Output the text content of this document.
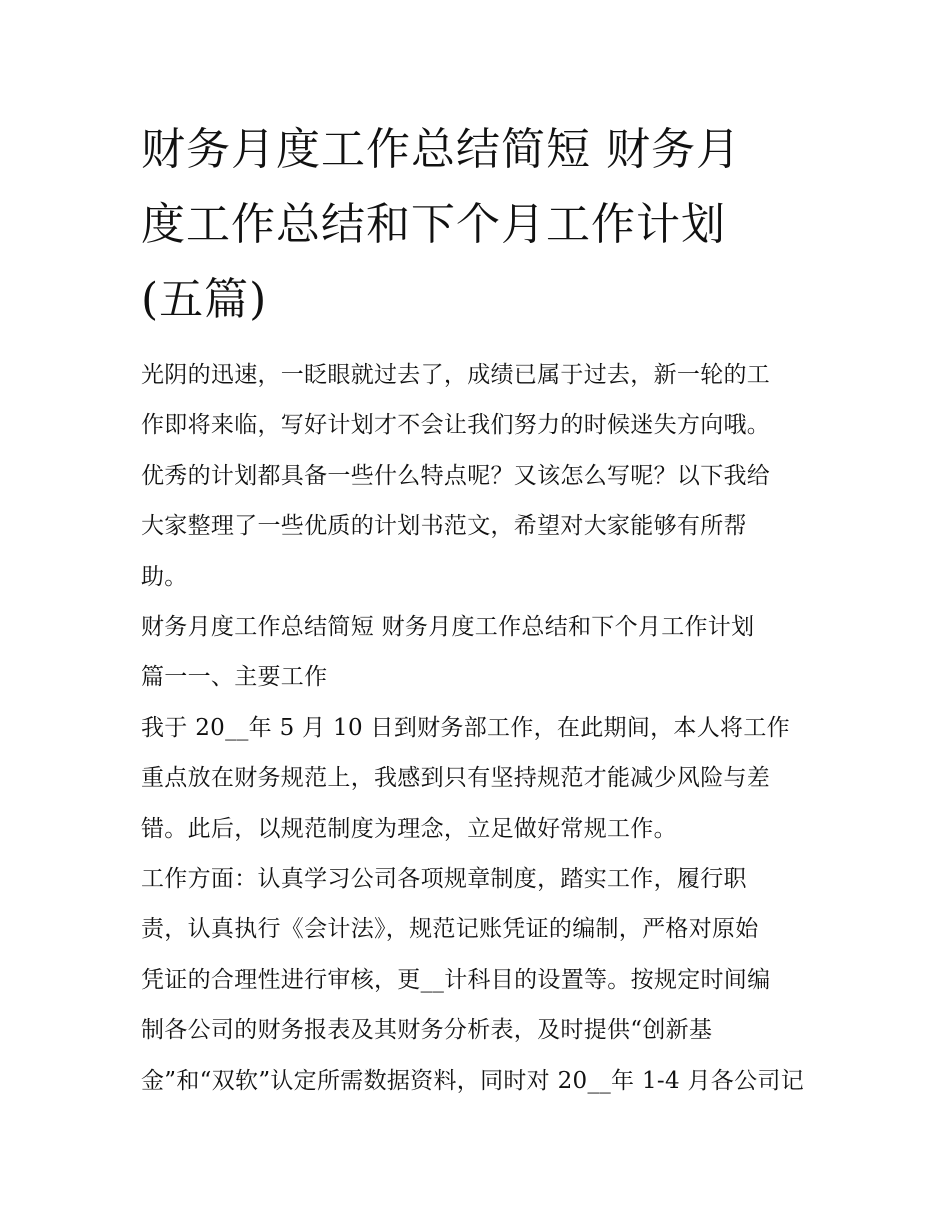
财务月度工作总结简短 财务月
度工作总结和下个月工作计划
(五篇)
光阴的迅速，一眨眼就过去了，成绩已属于过去，新一轮的工
作即将来临，写好计划才不会让我们努力的时候迷失方向哦。
优秀的计划都具备一些什么特点呢？又该怎么写呢？以下我给
大家整理了一些优质的计划书范文，希望对大家能够有所帮
助。
财务月度工作总结简短 财务月度工作总结和下个月工作计划
篇一一、主要工作
我于 20__年 5 月 10 日到财务部工作，在此期间，本人将工作
重点放在财务规范上，我感到只有坚持规范才能减少风险与差
错。此后，以规范制度为理念，立足做好常规工作。
工作方面：认真学习公司各项规章制度，踏实工作，履行职
责，认真执行《会计法》，规范记账凭证的编制，严格对原始
凭证的合理性进行审核，更__计科目的设置等。按规定时间编
制各公司的财务报表及其财务分析表，及时提供“创新基
金”和“双软”认定所需数据资料，同时对 20__年 1-4 月各公司记
